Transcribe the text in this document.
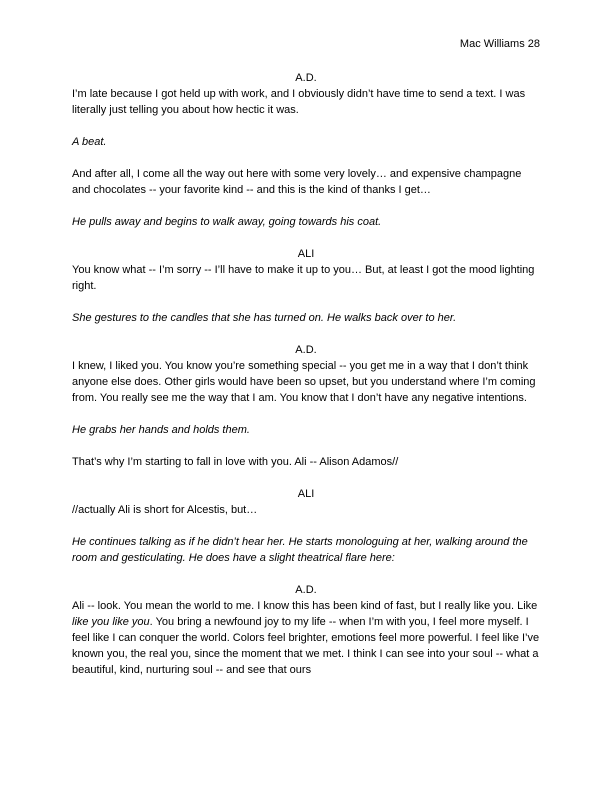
Mac Williams 28

A.D.

I’m late because I got held up with work, and I obviously didn’t have time to send a text. I was literally just telling you about how hectic it was.

A beat.

And after all, I come all the way out here with some very lovely… and expensive champagne and chocolates -- your favorite kind -- and this is the kind of thanks I get…

He pulls away and begins to walk away, going towards his coat.

ALI

You know what -- I’m sorry -- I’ll have to make it up to you… But, at least I got the mood lighting right.

She gestures to the candles that she has turned on. He walks back over to her.

A.D.

I knew, I liked you. You know you’re something special -- you get me in a way that I don’t think anyone else does. Other girls would have been so upset, but you understand where I’m coming from. You really see me the way that I am. You know that I don’t have any negative intentions.

He grabs her hands and holds them.

That’s why I’m starting to fall in love with you. Ali -- Alison Adamos//

ALI

//actually Ali is short for Alcestis, but…

He continues talking as if he didn’t hear her. He starts monologuing at her, walking around the room and gesticulating. He does have a slight theatrical flare here:

A.D.

Ali -- look. You mean the world to me. I know this has been kind of fast, but I really like you. Like like you like you. You bring a newfound joy to my life -- when I’m with you, I feel more myself. I feel like I can conquer the world. Colors feel brighter, emotions feel more powerful. I feel like I’ve known you, the real you, since the moment that we met. I think I can see into your soul -- what a beautiful, kind, nurturing soul -- and see that ours
